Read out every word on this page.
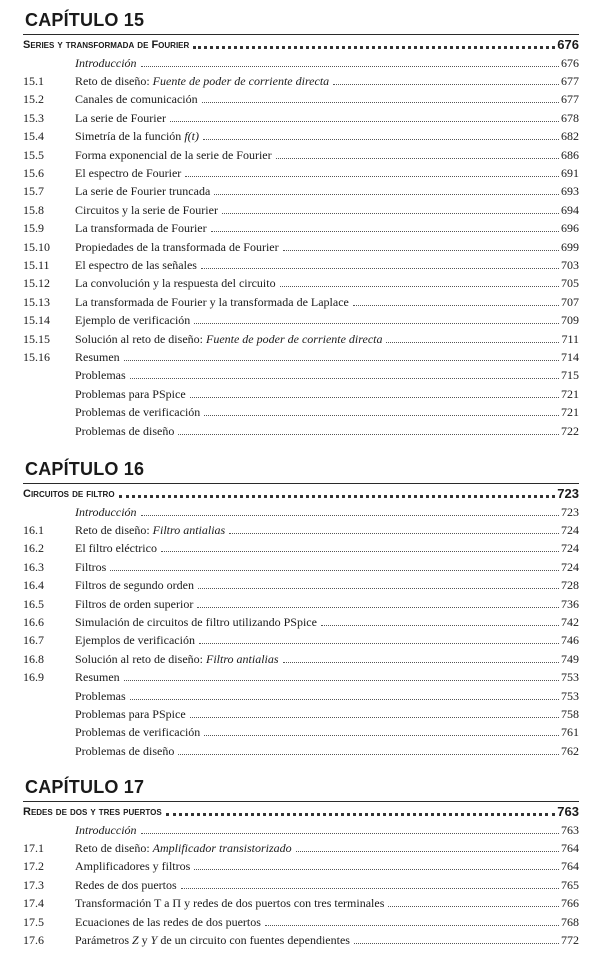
CAPÍTULO 15
Series y transformada de Fourier	676
Introducción	676
15.1	Reto de diseño: Fuente de poder de corriente directa	677
15.2	Canales de comunicación	677
15.3	La serie de Fourier	678
15.4	Simetría de la función f(t)	682
15.5	Forma exponencial de la serie de Fourier	686
15.6	El espectro de Fourier	691
15.7	La serie de Fourier truncada	693
15.8	Circuitos y la serie de Fourier	694
15.9	La transformada de Fourier	696
15.10	Propiedades de la transformada de Fourier	699
15.11	El espectro de las señales	703
15.12	La convolución y la respuesta del circuito	705
15.13	La transformada de Fourier y la transformada de Laplace	707
15.14	Ejemplo de verificación	709
15.15	Solución al reto de diseño: Fuente de poder de corriente directa	711
15.16	Resumen	714
Problemas	715
Problemas para PSpice	721
Problemas de verificación	721
Problemas de diseño	722
CAPÍTULO 16
Circuitos de filtro	723
Introducción	723
16.1	Reto de diseño: Filtro antialias	724
16.2	El filtro eléctrico	724
16.3	Filtros	724
16.4	Filtros de segundo orden	728
16.5	Filtros de orden superior	736
16.6	Simulación de circuitos de filtro utilizando PSpice	742
16.7	Ejemplos de verificación	746
16.8	Solución al reto de diseño: Filtro antialias	749
16.9	Resumen	753
Problemas	753
Problemas para PSpice	758
Problemas de verificación	761
Problemas de diseño	762
CAPÍTULO 17
Redes de dos y tres puertos	763
Introducción	763
17.1	Reto de diseño: Amplificador transistorizado	764
17.2	Amplificadores y filtros	764
17.3	Redes de dos puertos	765
17.4	Transformación T a Π y redes de dos puertos con tres terminales	766
17.5	Ecuaciones de las redes de dos puertos	768
17.6	Parámetros Z y Y de un circuito con fuentes dependientes	772
